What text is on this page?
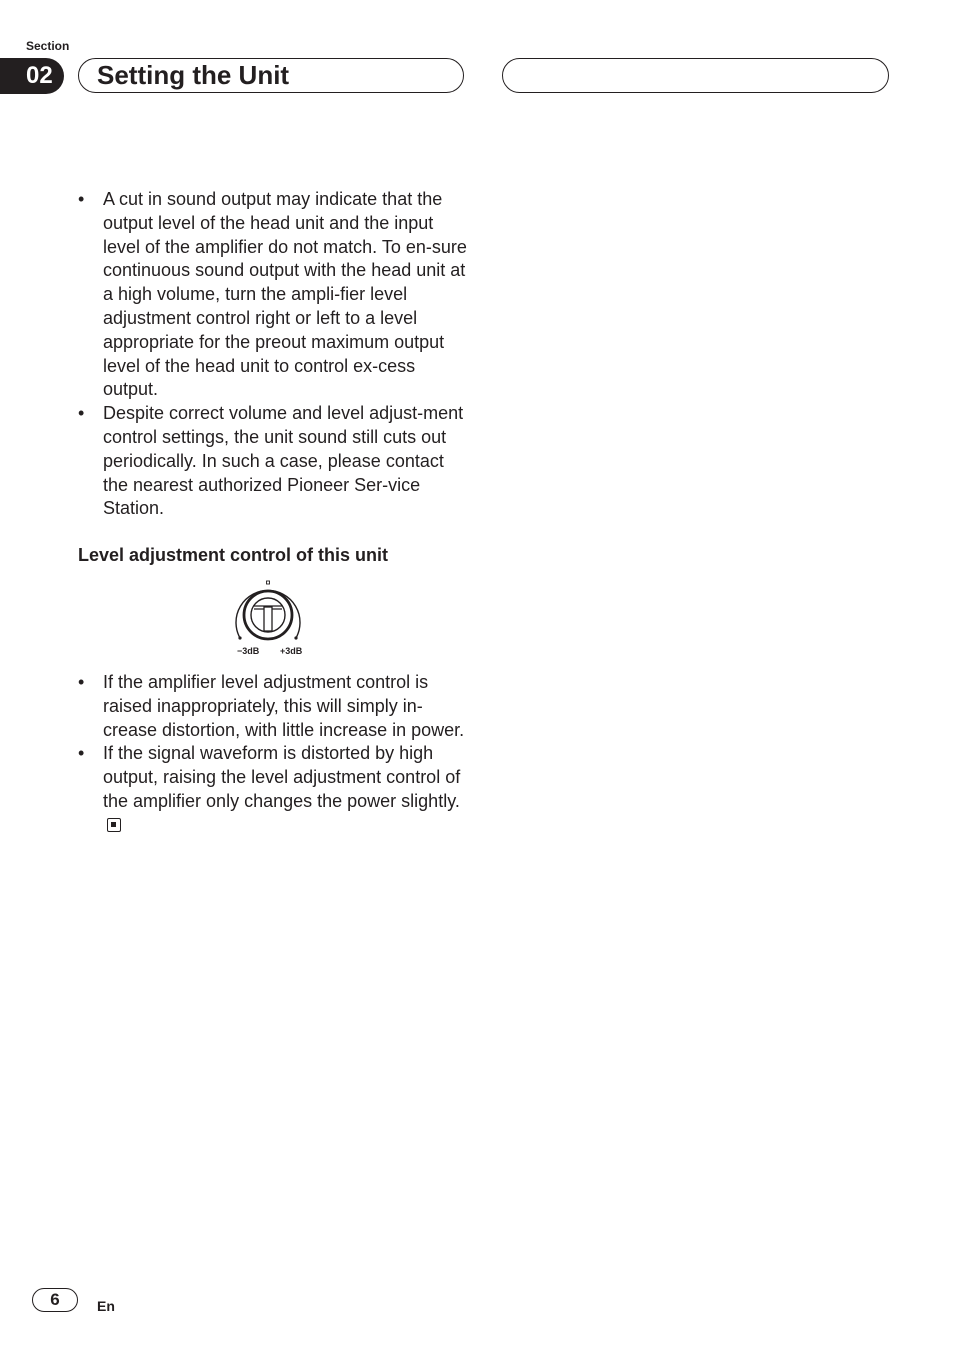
Section
02	Setting the Unit
• A cut in sound output may indicate that the output level of the head unit and the input level of the amplifier do not match. To en-​sure continuous sound output with the head unit at a high volume, turn the ampli-​fier level adjustment control right or left to a level appropriate for the preout maximum output level of the head unit to control ex-​cess output.
• Despite correct volume and level adjust-​ment control settings, the unit sound still cuts out periodically. In such a case, please contact the nearest authorized Pioneer Ser-​vice Station.
Level adjustment control of this unit
−3dB +3dB
• If the amplifier level adjustment control is raised inappropriately, this will simply in-​crease distortion, with little increase in power.
• If the signal waveform is distorted by high output, raising the level adjustment control of the amplifier only changes the power slightly.
6	En
